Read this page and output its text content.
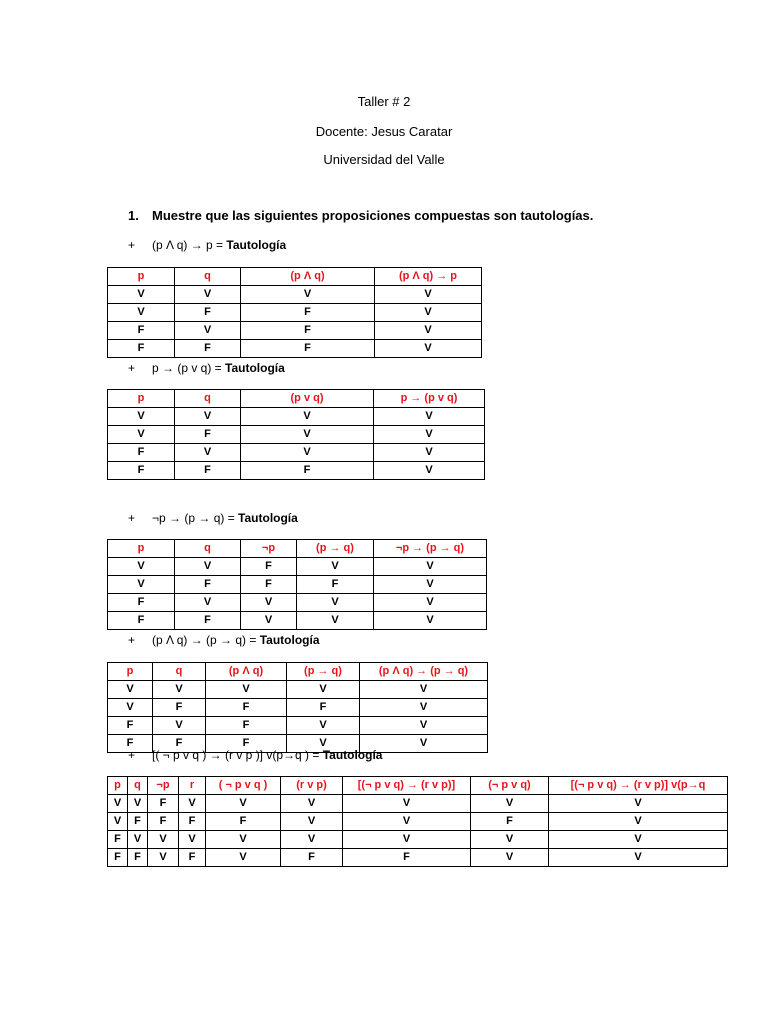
Taller # 2
Docente: Jesus Caratar
Universidad del Valle
1. Muestre que las siguientes proposiciones compuestas son tautologías.
+ (p Λ q) → p = Tautología
p	q	(p Λ q)	(p Λ q) → p
V	V	V	V
V	F	F	V
F	V	F	V
F	F	F	V
+ p → (p v q) = Tautología
p	q	(p v q)	p → (p v q)
V	V	V	V
V	F	V	V
F	V	V	V
F	F	F	V
+ ¬p → (p → q) = Tautología
p	q	¬p	(p → q)	¬p → (p → q)
V	V	F	V	V
V	F	F	F	V
F	V	V	V	V
F	F	V	V	V
+ (p Λ q) → (p → q) = Tautología
p	q	(p Λ q)	(p → q)	(p Λ q) → (p → q)
V	V	V	V	V
V	F	F	F	V
F	V	F	V	V
F	F	F	V	V
+ [( ¬ p v q ) → (r v p )] v(p→q ) = Tautología
p	q	¬p	r	( ¬ p v q )	(r v p)	[(¬ p v q) → (r v p)]	(¬ p v q)	[(¬ p v q) → (r v p)] v(p→q
V	V	F	V	V	V	V	V	V
V	F	F	F	F	V	V	F	V
F	V	V	V	V	V	V	V	V
F	F	V	F	V	F	F	V	V
